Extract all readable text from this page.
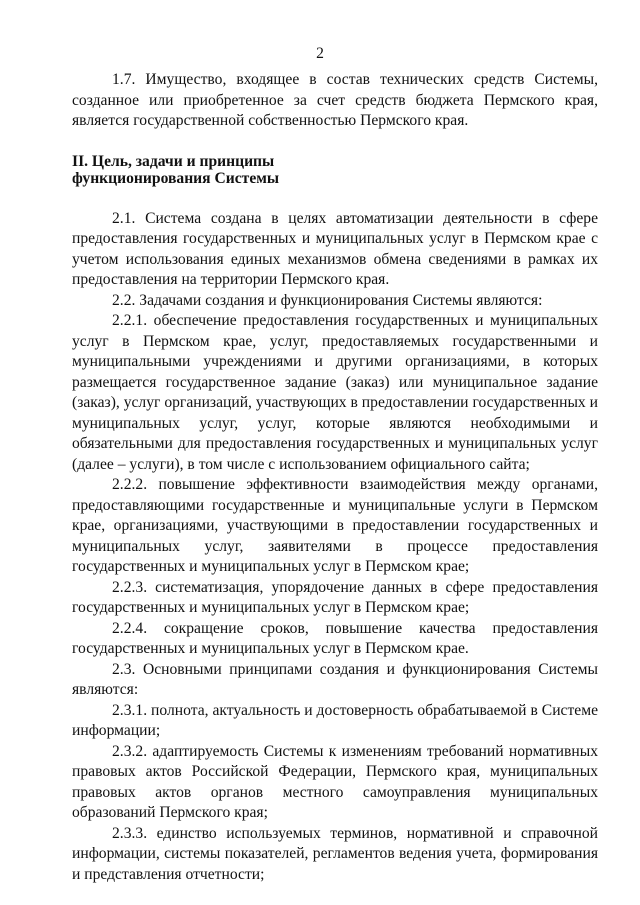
2

1.7. Имущество, входящее в состав технических средств Системы, созданное или приобретенное за счет средств бюджета Пермского края, является государственной собственностью Пермского края.

II. Цель, задачи и принципы
функционирования Системы

2.1. Система создана в целях автоматизации деятельности в сфере предоставления государственных и муниципальных услуг в Пермском крае с учетом использования единых механизмов обмена сведениями в рамках их предоставления на территории Пермского края.

2.2. Задачами создания и функционирования Системы являются:

2.2.1. обеспечение предоставления государственных и муниципальных услуг в Пермском крае, услуг, предоставляемых государственными и муниципальными учреждениями и другими организациями, в которых размещается государственное задание (заказ) или муниципальное задание (заказ), услуг организаций, участвующих в предоставлении государственных и муниципальных услуг, услуг, которые являются необходимыми и обязательными для предоставления государственных и муниципальных услуг (далее – услуги), в том числе с использованием официального сайта;

2.2.2. повышение эффективности взаимодействия между органами, предоставляющими государственные и муниципальные услуги в Пермском крае, организациями, участвующими в предоставлении государственных и муниципальных услуг, заявителями в процессе предоставления государственных и муниципальных услуг в Пермском крае;

2.2.3. систематизация, упорядочение данных в сфере предоставления государственных и муниципальных услуг в Пермском крае;

2.2.4. сокращение сроков, повышение качества предоставления государственных и муниципальных услуг в Пермском крае.

2.3. Основными принципами создания и функционирования Системы являются:

2.3.1. полнота, актуальность и достоверность обрабатываемой в Системе информации;

2.3.2. адаптируемость Системы к изменениям требований нормативных правовых актов Российской Федерации, Пермского края, муниципальных правовых актов органов местного самоуправления муниципальных образований Пермского края;

2.3.3. единство используемых терминов, нормативной и справочной информации, системы показателей, регламентов ведения учета, формирования и представления отчетности;
